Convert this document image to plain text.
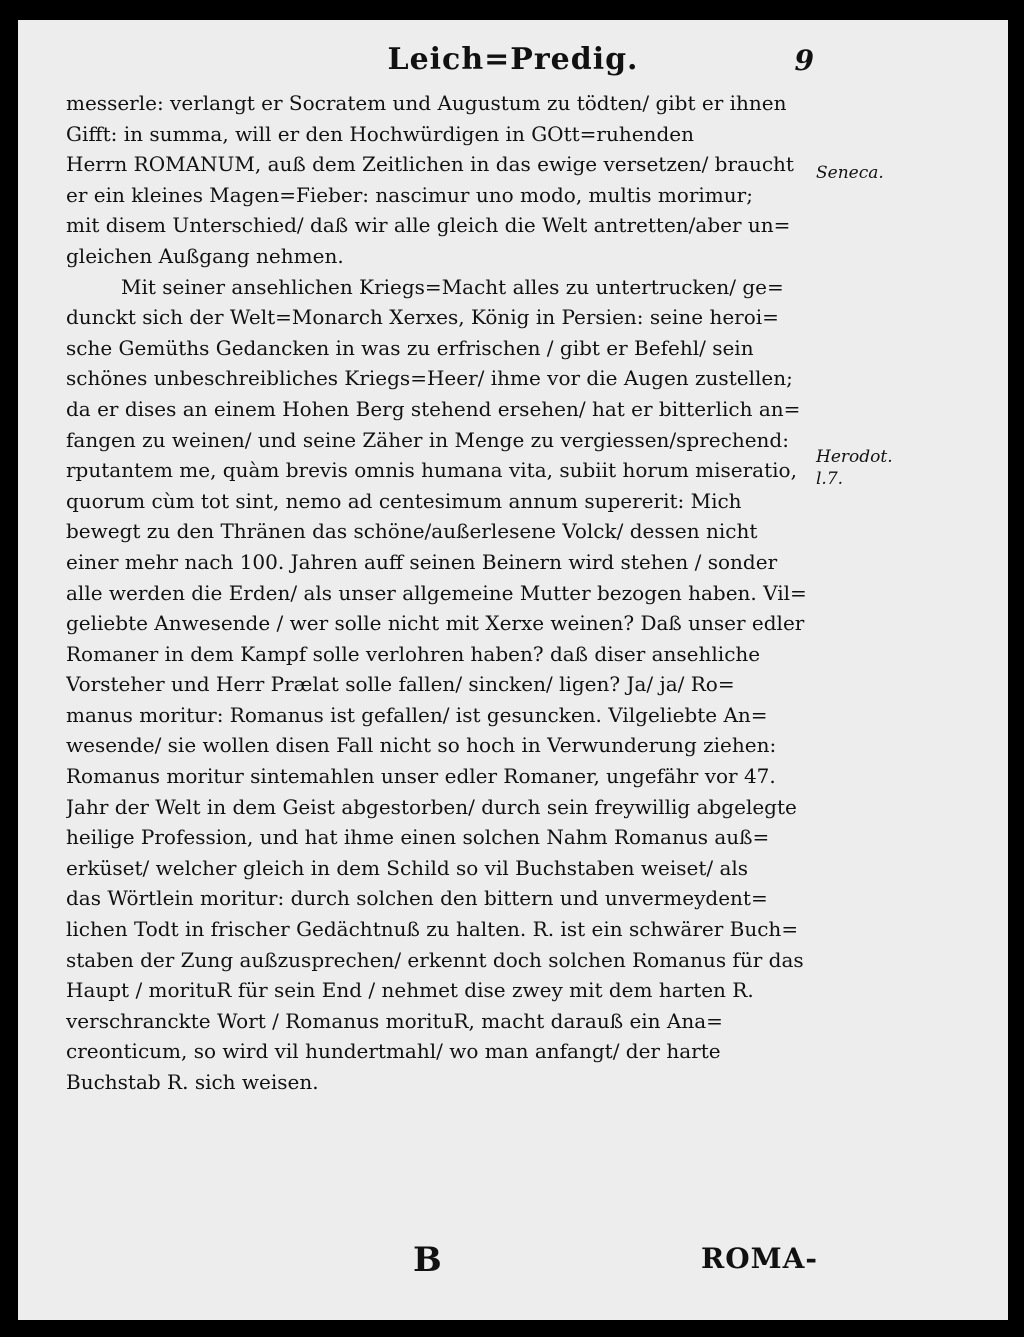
Leich=Predig.	9
Seneca.
Herodot. l.7.
messerle: verlangt er Socratem und Augustum zu tödten/ gibt er ihnen
Gifft: in summa, will er den Hochwürdigen in GOtt=ruhenden
Herrn ROMANUM, auß dem Zeitlichen in das ewige versetzen/ braucht
er ein kleines Magen=Fieber: nascimur uno modo, multis morimur;
mit disem Unterschied/ daß wir alle gleich die Welt antretten/aber un=
gleichen Außgang nehmen.
Mit seiner ansehlichen Kriegs=Macht alles zu untertrucken/ ge=
dunckt sich der Welt=Monarch Xerxes, König in Persien: seine heroi=
sche Gemüths Gedancken in was zu erfrischen / gibt er Befehl/ sein
schönes unbeschreibliches Kriegs=Heer/ ihme vor die Augen zustellen;
da er dises an einem Hohen Berg stehend ersehen/ hat er bitterlich an=
fangen zu weinen/ und seine Zäher in Menge zu vergiessen/sprechend:
rputantem me, quàm brevis omnis humana vita, subiit horum miseratio,
quorum cùm tot sint, nemo ad centesimum annum supererit: Mich
bewegt zu den Thränen das schöne/außerlesene Volck/ dessen nicht
einer mehr nach 100. Jahren auff seinen Beinern wird stehen / sonder
alle werden die Erden/ als unser allgemeine Mutter bezogen haben. Vil=
geliebte Anwesende / wer solle nicht mit Xerxe weinen? Daß unser edler
Romaner in dem Kampf solle verlohren haben? daß diser ansehliche
Vorsteher und Herr Prælat solle fallen/ sincken/ ligen? Ja/ ja/ Ro=
manus moritur: Romanus ist gefallen/ ist gesuncken. Vilgeliebte An=
wesende/ sie wollen disen Fall nicht so hoch in Verwunderung ziehen:
Romanus moritur sintemahlen unser edler Romaner, ungefähr vor 47.
Jahr der Welt in dem Geist abgestorben/ durch sein freywillig abgelegte
heilige Profession, und hat ihme einen solchen Nahm Romanus auß=
erküset/ welcher gleich in dem Schild so vil Buchstaben weiset/ als
das Wörtlein moritur: durch solchen den bittern und unvermeydent=
lichen Todt in frischer Gedächtnuß zu halten. R. ist ein schwärer Buch=
staben der Zung außzusprechen/ erkennt doch solchen Romanus für das
Haupt / morituR für sein End / nehmet dise zwey mit dem harten R.
verschranckte Wort / Romanus morituR, macht darauß ein Ana=
creonticum, so wird vil hundertmahl/ wo man anfangt/ der harte
Buchstab R. sich weisen.
B	ROMA-
